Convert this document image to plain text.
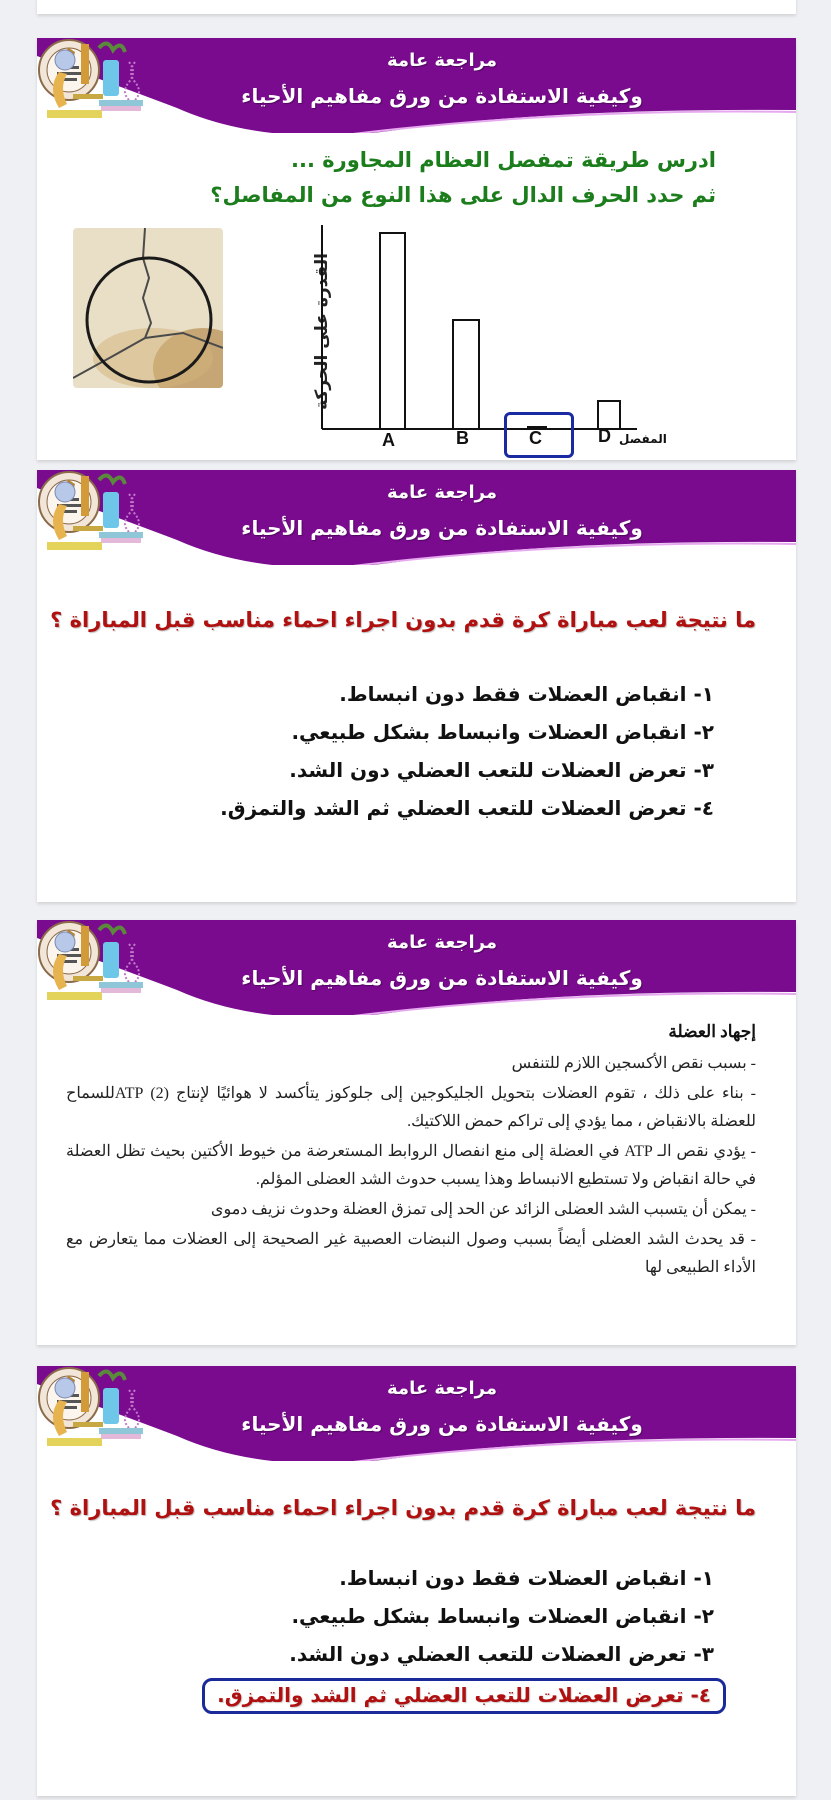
مراجعة عامة
وكيفية الاستفادة من ورق مفاهيم الأحياء
ادرس طريقة تمفصل العظام المجاورة ...
ثم حدد الحرف الدال على هذا النوع من المفاصل؟
القدرة على الحركة
A	B	C	D المفصل
مراجعة عامة
وكيفية الاستفادة من ورق مفاهيم الأحياء
ما نتيجة لعب مباراة كرة قدم بدون اجراء احماء مناسب قبل المباراة ؟
١- انقباض العضلات فقط دون انبساط.
٢- انقباض العضلات وانبساط بشكل طبيعي.
٣- تعرض العضلات للتعب العضلي دون الشد.
٤- تعرض العضلات للتعب العضلي ثم الشد والتمزق.
مراجعة عامة
وكيفية الاستفادة من ورق مفاهيم الأحياء
إجهاد العضلة
- بسبب نقص الأكسجين اللازم للتنفس
- بناء على ذلك ، تقوم العضلات بتحويل الجليكوجين إلى جلوكوز يتأكسد لا هوائيًا لإنتاج (2) ATPللسماح للعضلة بالانقباض ، مما يؤدي إلى تراكم حمض اللاكتيك.
- يؤدي نقص الـ ATP في العضلة إلى منع انفصال الروابط المستعرضة من خيوط الأكتين بحيث تظل العضلة في حالة انقباض ولا تستطيع الانبساط وهذا يسبب حدوث الشد العضلى المؤلم.
- يمكن أن يتسبب الشد العضلى الزائد عن الحد إلى تمزق العضلة وحدوث نزيف دموى
- قد يحدث الشد العضلى أيضاً بسبب وصول النبضات العصبية غير الصحيحة إلى العضلات مما يتعارض مع الأداء الطبيعى لها
مراجعة عامة
وكيفية الاستفادة من ورق مفاهيم الأحياء
ما نتيجة لعب مباراة كرة قدم بدون اجراء احماء مناسب قبل المباراة ؟
١- انقباض العضلات فقط دون انبساط.
٢- انقباض العضلات وانبساط بشكل طبيعي.
٣- تعرض العضلات للتعب العضلي دون الشد.
٤- تعرض العضلات للتعب العضلي ثم الشد والتمزق.
